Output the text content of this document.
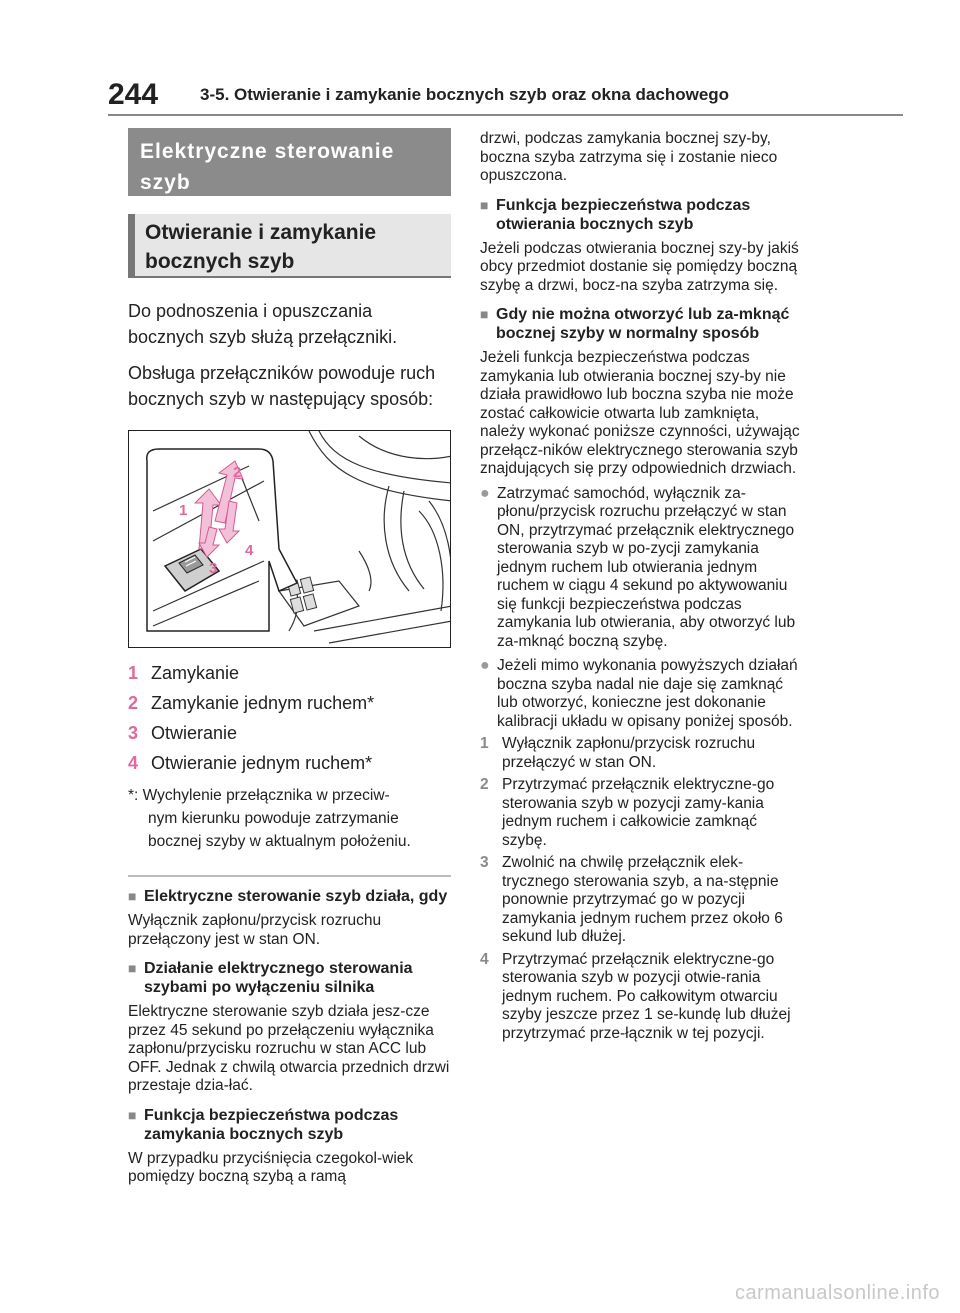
244 3-5. Otwieranie i zamykanie bocznych szyb oraz okna dachowego
Elektryczne sterowanie szyb
Otwieranie i zamykanie bocznych szyb

Do podnoszenia i opuszczania bocznych szyb służą przełączniki.

Obsługa przełączników powoduje ruch bocznych szyb w następujący sposób:

1
2
3
4
1 Zamykanie
2 Zamykanie jednym ruchem*
3 Otwieranie
4 Otwieranie jednym ruchem*
*: Wychylenie przełącznika w przeciw-
nym kierunku powoduje zatrzymanie
bocznej szyby w aktualnym położeniu.
■ Elektryczne sterowanie szyb działa, gdy

Wyłącznik zapłonu/przycisk rozruchu przełączony jest w stan ON.

■ Działanie elektrycznego sterowania szybami po wyłączeniu silnika

Elektryczne sterowanie szyb działa jesz-cze przez 45 sekund po przełączeniu wyłącznika zapłonu/przycisku rozruchu w stan ACC lub OFF. Jednak z chwilą otwarcia przednich drzwi przestaje dzia-łać.

■ Funkcja bezpieczeństwa podczas zamykania bocznych szyb

W przypadku przyciśnięcia czegokol-wiek pomiędzy boczną szybą a ramą

drzwi, podczas zamykania bocznej szy-by, boczna szyba zatrzyma się i zostanie nieco opuszczona.

■ Funkcja bezpieczeństwa podczas otwierania bocznych szyb

Jeżeli podczas otwierania bocznej szy-by jakiś obcy przedmiot dostanie się pomiędzy boczną szybę a drzwi, bocz-na szyba zatrzyma się.

■ Gdy nie można otworzyć lub za-mknąć bocznej szyby w normalny sposób

Jeżeli funkcja bezpieczeństwa podczas zamykania lub otwierania bocznej szy-by nie działa prawidłowo lub boczna szyba nie może zostać całkowicie otwarta lub zamknięta, należy wykonać poniższe czynności, używając przełącz-ników elektrycznego sterowania szyb znajdujących się przy odpowiednich drzwiach.

● Zatrzymać samochód, wyłącznik za-płonu/przycisk rozruchu przełączyć w stan ON, przytrzymać przełącznik elektrycznego sterowania szyb w po-zycji zamykania jednym ruchem lub otwierania jednym ruchem w ciągu 4 sekund po aktywowaniu się funkcji bezpieczeństwa podczas zamykania lub otwierania, aby otworzyć lub za-mknąć boczną szybę.
● Jeżeli mimo wykonania powyższych działań boczna szyba nadal nie daje się zamknąć lub otworzyć, konieczne jest dokonanie kalibracji układu w opisany poniżej sposób.
1 Wyłącznik zapłonu/przycisk rozruchu przełączyć w stan ON.
2 Przytrzymać przełącznik elektryczne-go sterowania szyb w pozycji zamy-kania jednym ruchem i całkowicie zamknąć szybę.
3 Zwolnić na chwilę przełącznik elek-trycznego sterowania szyb, a na-stępnie ponownie przytrzymać go w pozycji zamykania jednym ruchem przez około 6 sekund lub dłużej.
4 Przytrzymać przełącznik elektryczne-go sterowania szyb w pozycji otwie-rania jednym ruchem. Po całkowitym otwarciu szyby jeszcze przez 1 se-kundę lub dłużej przytrzymać prze-łącznik w tej pozycji.
carmanualsonline.info
